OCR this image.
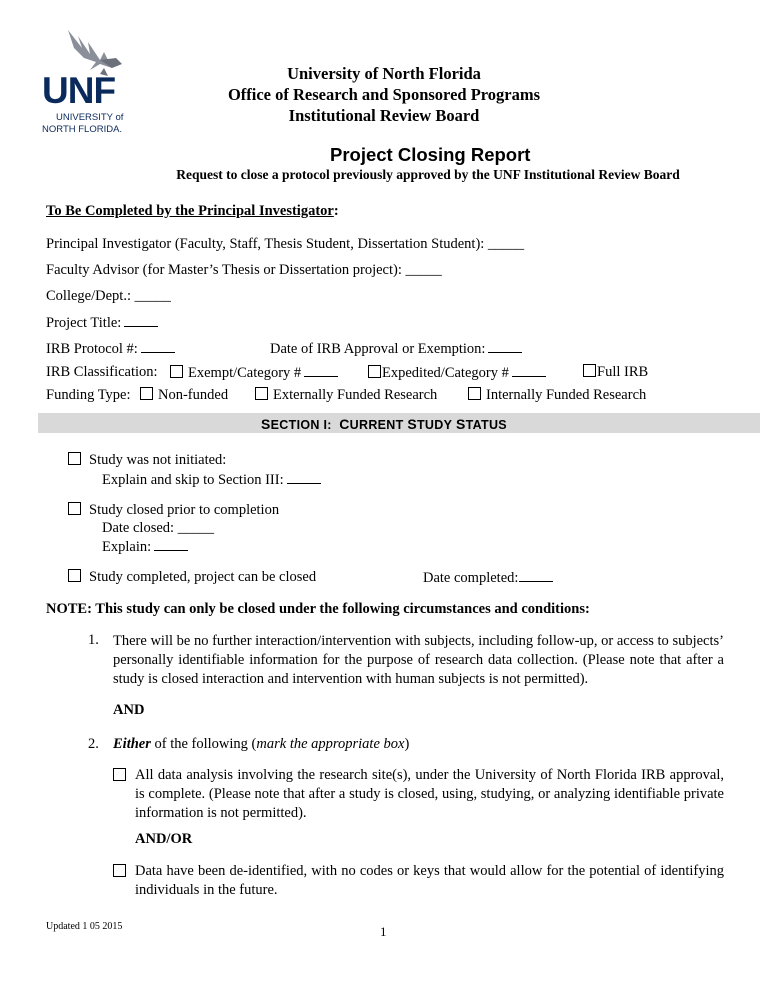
UNF
UNIVERSITY of
NORTH FLORIDA.
University of North Florida
Office of Research and Sponsored Programs
Institutional Review Board
Project Closing Report
Request to close a protocol previously approved by the UNF Institutional Review Board
To Be Completed by the Principal Investigator:
Principal Investigator (Faculty, Staff, Thesis Student, Dissertation Student): _____
Faculty Advisor (for Master’s Thesis or Dissertation project): _____
College/Dept.: _____
Project Title:
IRB Protocol #:	Date of IRB Approval or Exemption:
IRB Classification:	Exempt/Category #	Expedited/Category #	Full IRB
Funding Type:	Non-funded	Externally Funded Research	Internally Funded Research
SECTION I: CURRENT STUDY STATUS
Study was not initiated:
Explain and skip to Section III:
Study closed prior to completion
Date closed: _____
Explain:
Study completed, project can be closed	Date completed:
NOTE: This study can only be closed under the following circumstances and conditions:
1. There will be no further interaction/intervention with subjects, including follow-up, or access to subjects’ personally identifiable information for the purpose of research data collection. (Please note that after a study is closed interaction and intervention with human subjects is not permitted).
AND
2. Either of the following (mark the appropriate box)
All data analysis involving the research site(s), under the University of North Florida IRB approval, is complete. (Please note that after a study is closed, using, studying, or analyzing identifiable private information is not permitted).
AND/OR
Data have been de-identified, with no codes or keys that would allow for the potential of identifying individuals in the future.
Updated 1 05 2015	1
